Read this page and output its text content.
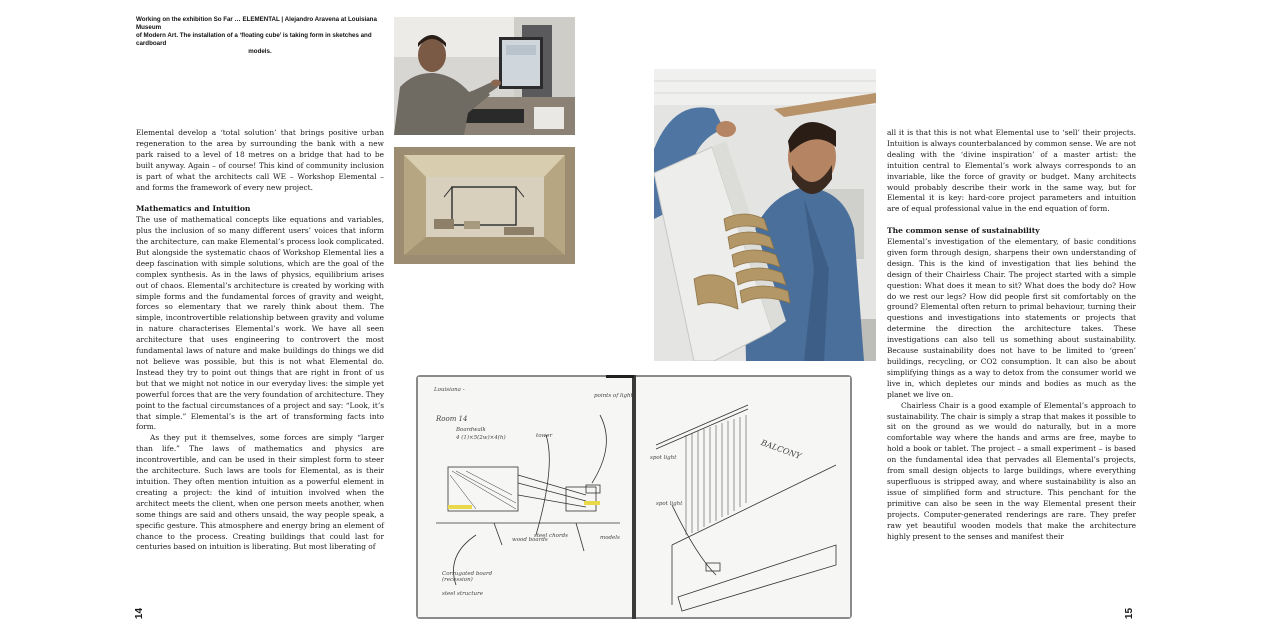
Working on the exhibition So Far … ELEMENTAL | Alejandro Aravena at Louisiana Museum
of Modern Art. The installation of a ‘floating cube’ is taking form in sketches and cardboard
models.

Elemental develop a ‘total solution’ that brings positive urban regeneration to the area by surrounding the bank with a new park raised to a level of 18 metres on a bridge that had to be built anyway. Again – of course! This kind of community inclusion is part of what the architects call WE – Workshop Elemental – and forms the framework of every new project.

Mathematics and Intuition

The use of mathematical concepts like equations and variables, plus the inclusion of so many different users’ voices that inform the architecture, can make Elemental’s process look complicated. But alongside the systematic chaos of Workshop Elemental lies a deep fascination with simple solutions, which are the goal of the complex synthesis. As in the laws of physics, equilibrium arises out of chaos. Elemental’s architecture is created by working with simple forms and the fundamental forces of gravity and weight, forces so elementary that we rarely think about them. The simple, incontrovertible relationship between gravity and volume in nature characterises Elemental’s work. We have all seen architecture that uses engineering to controvert the most fundamental laws of nature and make buildings do things we did not believe was possible, but this is not what Elemental do. Instead they try to point out things that are right in front of us but that we might not notice in our everyday lives: the simple yet powerful forces that are the very foundation of architecture. They point to the factual circumstances of a project and say: “Look, it’s that simple.” Elemental’s is the art of transforming facts into form.

As they put it themselves, some forces are simply “larger than life.” The laws of mathematics and physics are incontrovertible, and can be used in their simplest form to steer the architecture. Such laws are tools for Elemental, as is their intuition. They often mention intuition as a powerful element in creating a project: the kind of intuition involved when the architect meets the client, when one person meets another, when some things are said and others unsaid, the way people speak, a specific gesture. This atmosphere and energy bring an element of chance to the process. Creating buildings that could last for centuries based on intuition is liberating. But most liberating of

Louisiana -
Room 14
Boardwalk
4 (1)×5(2w)×4(h)	tower
points of light
steel chords
wood boards
Corrugated board (recession)
steel structure
models
spot light	BALCONY
spot light

all it is that this is not what Elemental use to ‘sell’ their projects. Intuition is always counterbalanced by common sense. We are not dealing with the ‘divine inspiration’ of a master artist: the intuition central to Elemental’s work always corresponds to an invariable, like the force of gravity or budget. Many architects would probably describe their work in the same way, but for Elemental it is key: hard-core project parameters and intuition are of equal professional value in the end equation of form.

The common sense of sustainability

Elemental’s investigation of the elementary, of basic conditions given form through design, sharpens their own understanding of design. This is the kind of investigation that lies behind the design of their Chairless Chair. The project started with a simple question: What does it mean to sit? What does the body do? How do we rest our legs? How did people first sit comfortably on the ground? Elemental often return to primal behaviour, turning their questions and investigations into statements or projects that determine the direction the architecture takes. These investigations can also tell us something about sustainability. Because sustainability does not have to be limited to ‘green’ buildings, recycling, or CO2 consumption. It can also be about simplifying things as a way to detox from the consumer world we live in, which depletes our minds and bodies as much as the planet we live on.

Chairless Chair is a good example of Elemental’s approach to sustainability. The chair is simply a strap that makes it possible to sit on the ground as we would do naturally, but in a more comfortable way where the hands and arms are free, maybe to hold a book or tablet. The project – a small experiment – is based on the fundamental idea that pervades all Elemental’s projects, from small design objects to large buildings, where everything superfluous is stripped away, and where sustainability is also an issue of simplified form and structure. This penchant for the primitive can also be seen in the way Elemental present their projects. Computer-generated renderings are rare. They prefer raw yet beautiful wooden models that make the architecture highly present to the senses and manifest their

14	15
